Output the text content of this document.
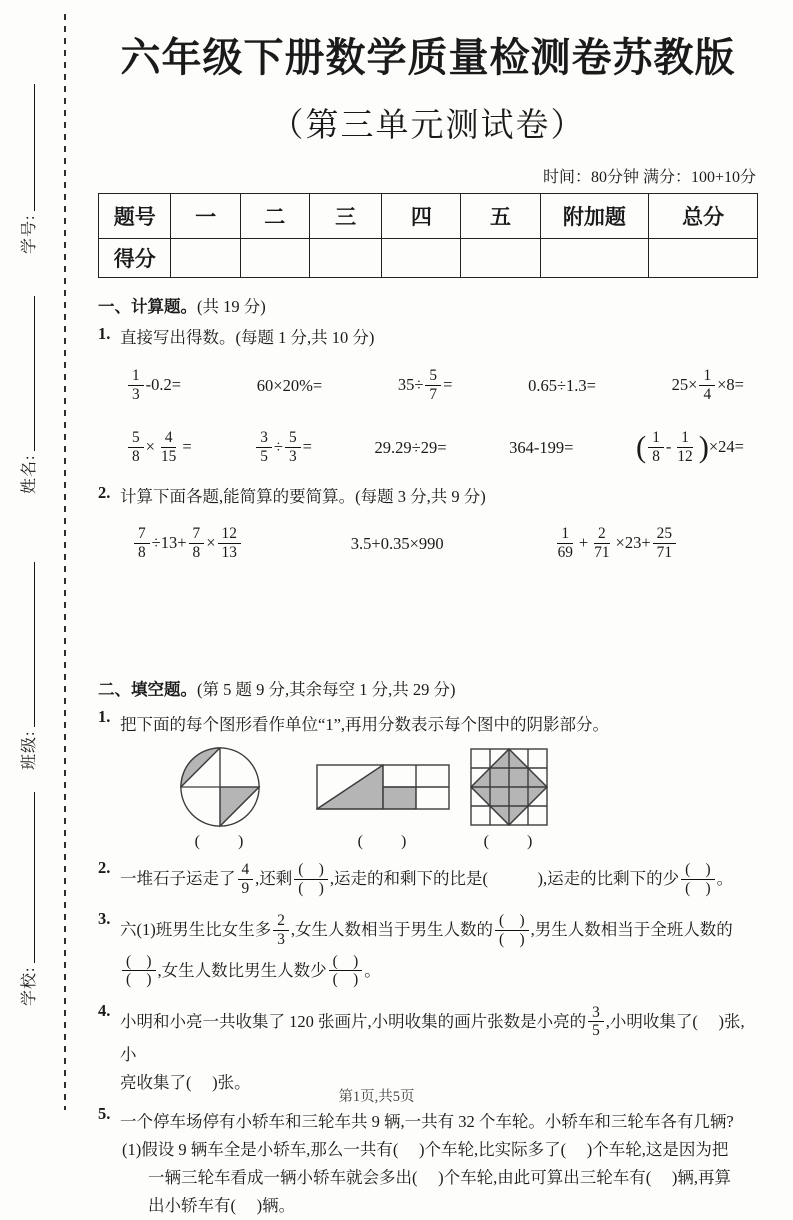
学号:
姓名:
班级:
学校:
六年级下册数学质量检测卷苏教版
（第三单元测试卷）
时间：80分钟 满分：100+10分
题号	一	二	三	四	五	附加题	总分
得分							
一、计算题。(共 19 分)
1. 直接写出得数。(每题 1 分,共 10 分)
$\frac{1}{3} -0.2=$	60×20%=	$35\div \frac{5}{7}$ =	0.65÷1.3=	$25\times \frac{1}{4} \times 8=$
$\frac{5}{8} \times \frac{4}{15}$ =	$\frac{3}{5} \div \frac{5}{3}$ =	29.29÷29=	364-199= ( $\frac{1}{8} - \frac{1}{12} )\times 24=$
2. 计算下面各题,能简算的要简算。(每题 3 分,共 9 分)
$\frac{7}{8} \div 13+ \frac{7}{8} \times \frac{12}{13}$	3.5+0.35×990	$\frac{1}{69} + \frac{2}{71} \times 23+ \frac{25}{71}$
二、填空题。(第 5 题 9 分,其余每空 1 分,共 29 分)
1. 把下面的每个图形看作单位“1”,再用分数表示每个图中的阴影部分。
(      )	(      )	(      )
2.
一堆石子运走了 $\frac{4}{9}$ ,还剩 $\frac{( )}{( )}$ ,运走的和剩下的比是(            ),运走的比剩下的少 $\frac{( )}{( )}$ 。
3.
六(1)班男生比女生多 $\frac{2}{3}$ ,女生人数相当于男生人数的 $\frac{( )}{( )}$ ,男生人数相当于全班人数的
$\frac{( )}{( )}$ ,女生人数比男生人数少 $\frac{( )}{( )}$ 。
4.
小明和小亮一共收集了 120 张画片,小明收集的画片张数是小亮的 $\frac{3}{5}$ ,小明收集了(     )张,小
亮收集了(     )张。
5. 一个停车场停有小轿车和三轮车共 9 辆,一共有 32 个车轮。小轿车和三轮车各有几辆?
(1)假设 9 辆车全是小轿车,那么一共有(     )个车轮,比实际多了(     )个车轮,这是因为把
一辆三轮车看成一辆小轿车就会多出(     )个车轮,由此可算出三轮车有(     )辆,再算
出小轿车有(     )辆。
第1页,共5页
